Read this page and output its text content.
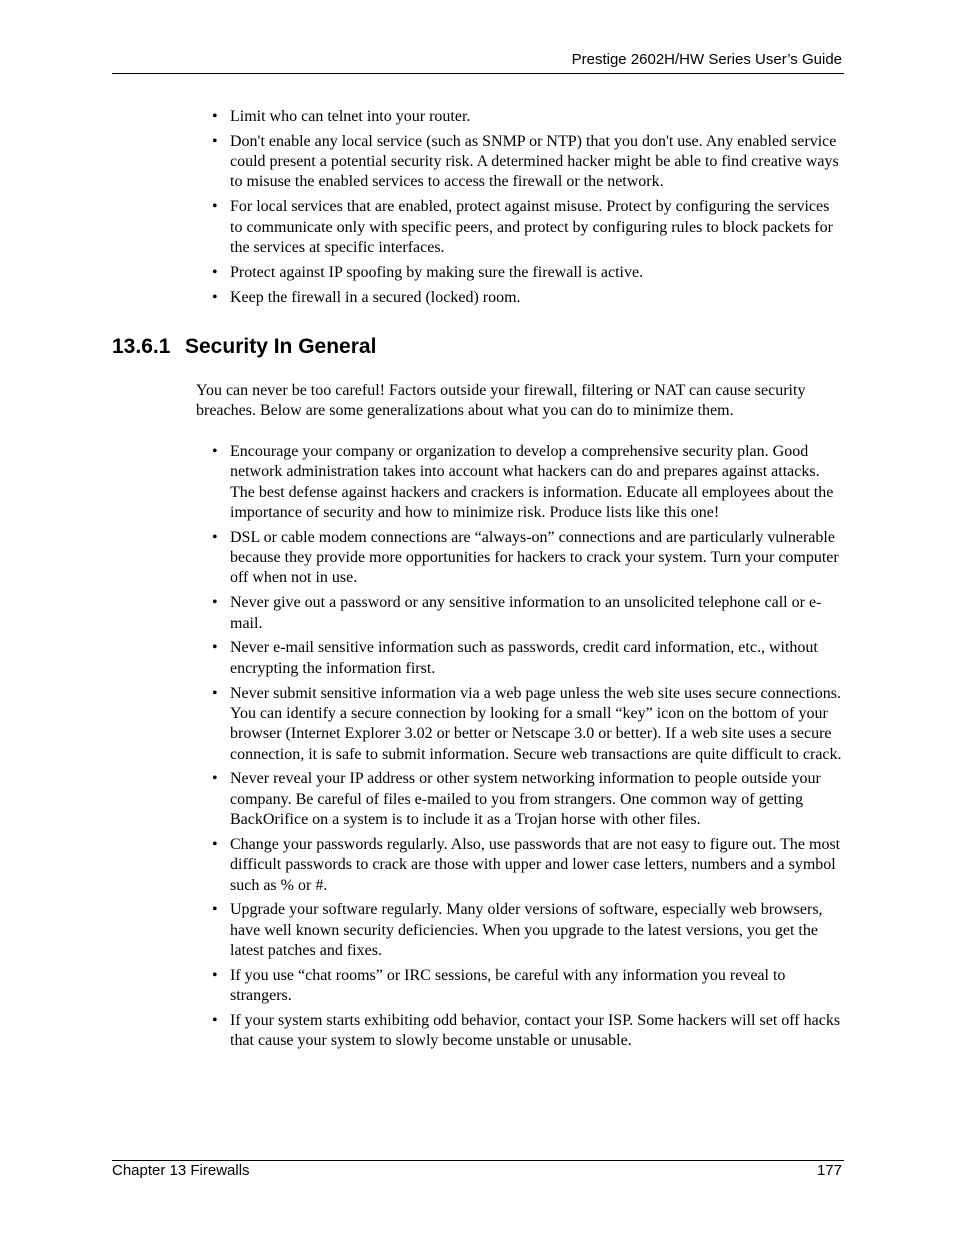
Prestige 2602H/HW Series User’s Guide
• Limit who can telnet into your router.
• Don't enable any local service (such as SNMP or NTP) that you don't use. Any enabled service could present a potential security risk. A determined hacker might be able to find creative ways to misuse the enabled services to access the firewall or the network.
• For local services that are enabled, protect against misuse. Protect by configuring the services to communicate only with specific peers, and protect by configuring rules to block packets for the services at specific interfaces.
• Protect against IP spoofing by making sure the firewall is active.
• Keep the firewall in a secured (locked) room.
13.6.1 Security In General

You can never be too careful! Factors outside your firewall, filtering or NAT can cause security breaches. Below are some generalizations about what you can do to minimize them.

• Encourage your company or organization to develop a comprehensive security plan. Good network administration takes into account what hackers can do and prepares against attacks. The best defense against hackers and crackers is information. Educate all employees about the importance of security and how to minimize risk. Produce lists like this one!
• DSL or cable modem connections are “always-on” connections and are particularly vulnerable because they provide more opportunities for hackers to crack your system. Turn your computer off when not in use.
• Never give out a password or any sensitive information to an unsolicited telephone call or e-mail.
• Never e-mail sensitive information such as passwords, credit card information, etc., without encrypting the information first.
• Never submit sensitive information via a web page unless the web site uses secure connections. You can identify a secure connection by looking for a small “key” icon on the bottom of your browser (Internet Explorer 3.02 or better or Netscape 3.0 or better). If a web site uses a secure connection, it is safe to submit information. Secure web transactions are quite difficult to crack.
• Never reveal your IP address or other system networking information to people outside your company. Be careful of files e-mailed to you from strangers. One common way of getting BackOrifice on a system is to include it as a Trojan horse with other files.
• Change your passwords regularly. Also, use passwords that are not easy to figure out. The most difficult passwords to crack are those with upper and lower case letters, numbers and a symbol such as % or #.
• Upgrade your software regularly. Many older versions of software, especially web browsers, have well known security deficiencies. When you upgrade to the latest versions, you get the latest patches and fixes.
• If you use “chat rooms” or IRC sessions, be careful with any information you reveal to strangers.
• If your system starts exhibiting odd behavior, contact your ISP. Some hackers will set off hacks that cause your system to slowly become unstable or unusable.
Chapter 13 Firewalls	177
